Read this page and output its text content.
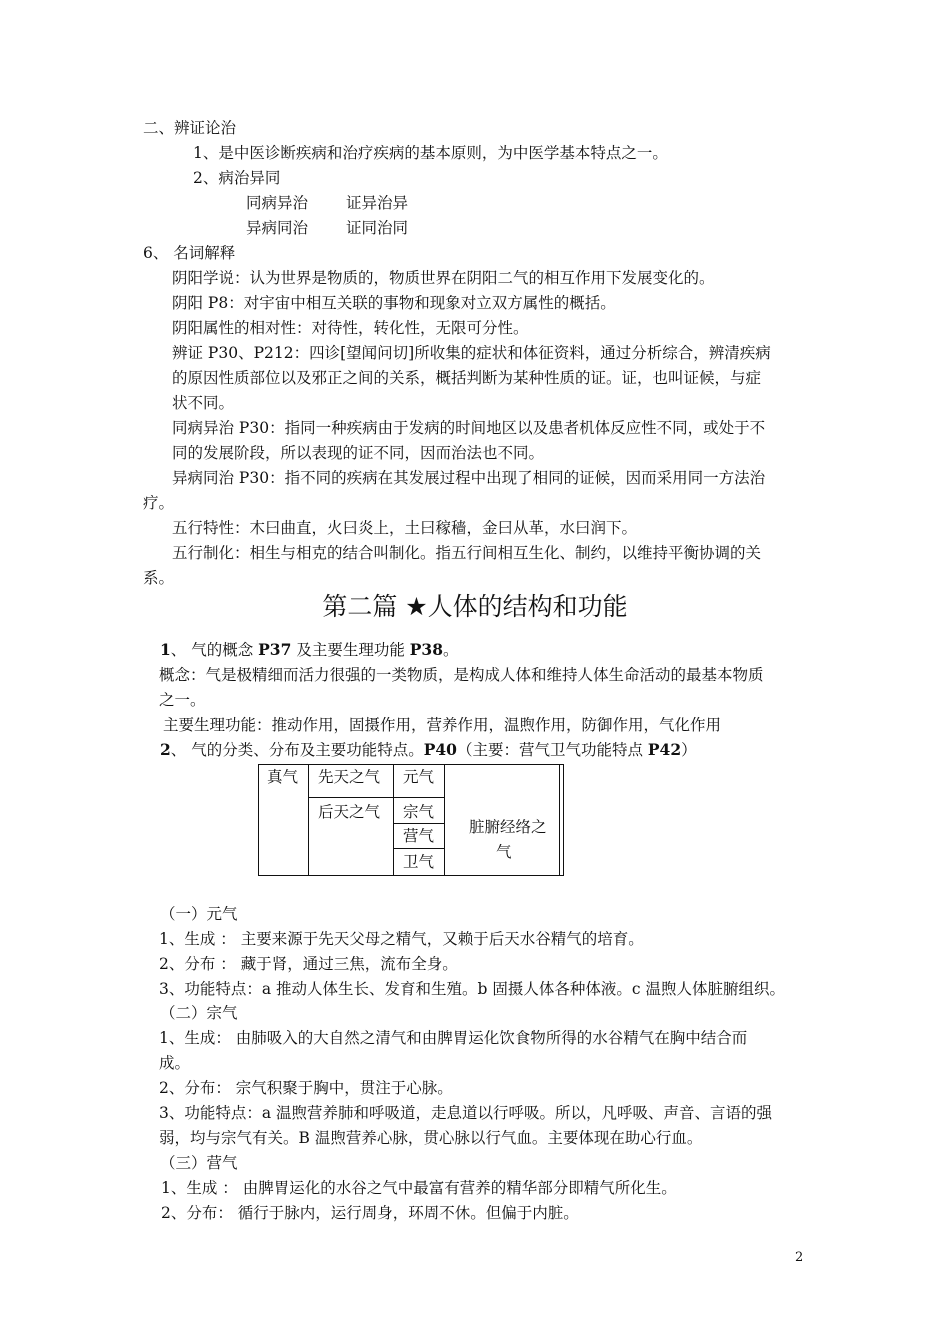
二、辨证论治
1、是中医诊断疾病和治疗疾病的基本原则，为中医学基本特点之一。
2、病治异同
同病异治 证异治异
异病同治 证同治同
6、 名词解释
阴阳学说：认为世界是物质的，物质世界在阴阳二气的相互作用下发展变化的。
阴阳 P8：对宇宙中相互关联的事物和现象对立双方属性的概括。
阴阳属性的相对性：对待性，转化性，无限可分性。
辨证 P30、P212：四诊[望闻问切]所收集的症状和体征资料，通过分析综合，辨清疾病
的原因性质部位以及邪正之间的关系，概括判断为某种性质的证。证，也叫证候，与症
状不同。
同病异治 P30：指同一种疾病由于发病的时间地区以及患者机体反应性不同，或处于不
同的发展阶段，所以表现的证不同，因而治法也不同。
异病同治 P30：指不同的疾病在其发展过程中出现了相同的证候，因而采用同一方法治
疗。
五行特性：木曰曲直，火曰炎上，土曰稼穑，金曰从革，水曰润下。
五行制化：相生与相克的结合叫制化。指五行间相互生化、制约，以维持平衡协调的关
系。
第二篇 ★人体的结构和功能
1、 气的概念 P37 及主要生理功能 P38。
概念：气是极精细而活力很强的一类物质，是构成人体和维持人体生命活动的最基本物质
之一。
主要生理功能：推动作用，固摄作用，营养作用，温煦作用，防御作用，气化作用
2、 气的分类、分布及主要功能特点。P40（主要：营气卫气功能特点 P42）
真气 先天之气
后天之气
元气
宗气
营气
卫气
脏腑经络之
气
（一）元气
1、生成 ： 主要来源于先天父母之精气，又赖于后天水谷精气的培育。
2、分布 ： 藏于肾，通过三焦，流布全身。
3、功能特点：a 推动人体生长、发育和生殖。b 固摄人体各种体液。c 温煦人体脏腑组织。
（二）宗气
1、生成： 由肺吸入的大自然之清气和由脾胃运化饮食物所得的水谷精气在胸中结合而
成。
2、分布： 宗气积聚于胸中，贯注于心脉。
3、功能特点：a 温煦营养肺和呼吸道，走息道以行呼吸。所以，凡呼吸、声音、言语的强
弱，均与宗气有关。B 温煦营养心脉，贯心脉以行气血。主要体现在助心行血。
（三）营气
1、生成 ： 由脾胃运化的水谷之气中最富有营养的精华部分即精气所化生。
2、分布： 循行于脉内，运行周身，环周不休。但偏于内脏。
2
